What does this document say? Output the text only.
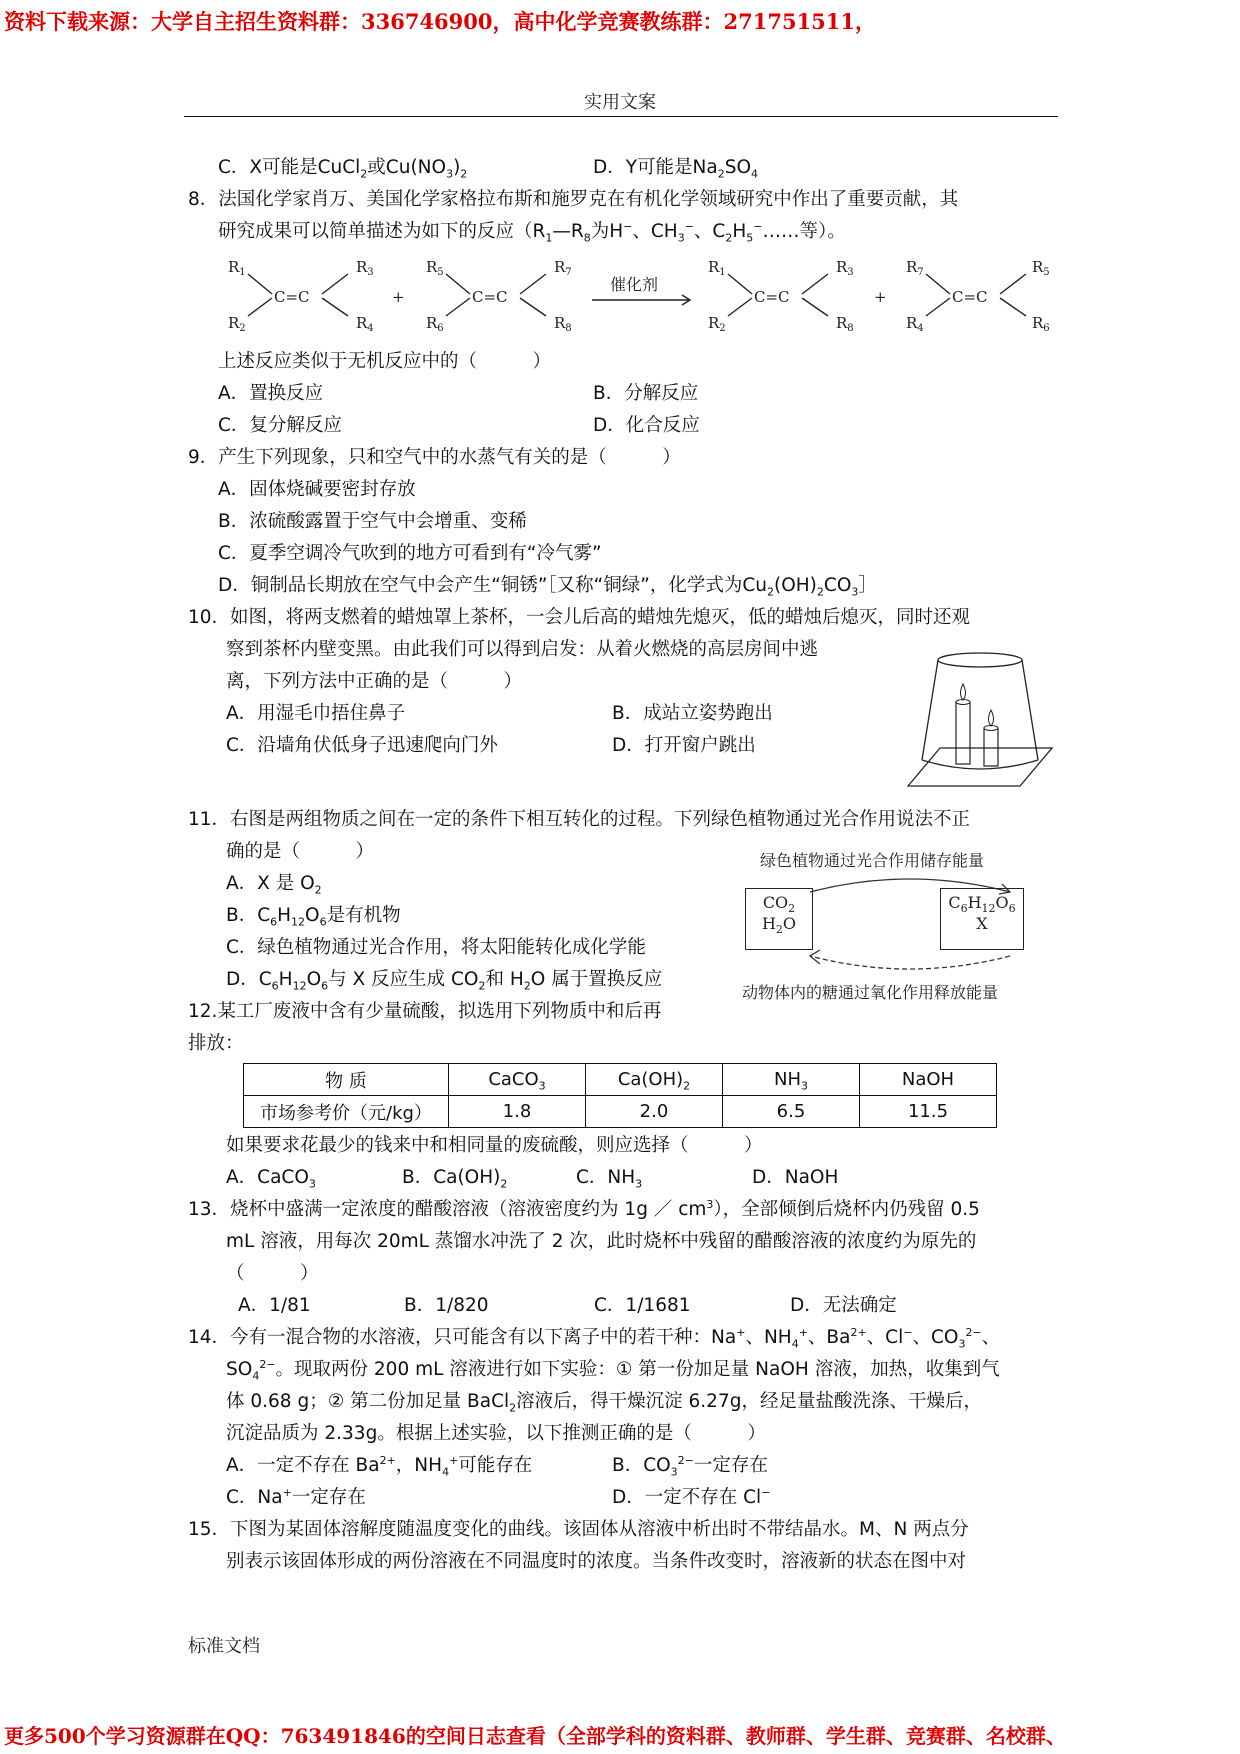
资料下载来源：大学自主招生资料群：336746900，高中化学竞赛教练群：271751511，
实用文案
C．X可能是CuCl$_2$或$Cu(NO_3)_2$	D．Y可能是$Na_2SO_4$
8．法国化学家肖万、美国化学家格拉布斯和施罗克在有机化学领域研究中作出了重要贡献，其
研究成果可以简单描述为如下的反应（$R_1—R_8$为H−、$CH_3^-$、$C_2H_5^-\dots\dots$等）。
$R_1$
$R_2$
$R_3$
$R_4$
C=C	+
$R_5$
$R_6$
$R_7$
$R_8$
C=C
催化剂
$R_1$
$R_2$
$R_3$
$R_8$
C=C	+
$R_7$
$R_4$
$R_5$
$R_6$
C=C
上述反应类似于无机反应中的（　　　）
A．置换反应	B．分解反应
C．复分解反应	D．化合反应
9．产生下列现象，只和空气中的水蒸气有关的是（　　　）
A．固体烧碱要密封存放
B．浓硫酸露置于空气中会增重、变稀
C．夏季空调冷气吹到的地方可看到有“冷气雾”
D．铜制品长期放在空气中会产生“铜锈”［又称“铜绿”，化学式为$Cu_2(OH)_2CO_3]$
10．如图，将两支燃着的蜡烛罩上茶杯，一会儿后高的蜡烛先熄灭，低的蜡烛后熄灭，同时还观
察到茶杯内壁变黑。由此我们可以得到启发：从着火燃烧的高层房间中逃
离，下列方法中正确的是（　　　）
A．用湿毛巾捂住鼻子	B．成站立姿势跑出
C．沿墙角伏低身子迅速爬向门外	D．打开窗户跳出
11．右图是两组物质之间在一定的条件下相互转化的过程。下列绿色植物通过光合作用说法不正
确的是（　　　）
A．X 是 $O_2$
B．$C_6H_{12}O_6$是有机物
C．绿色植物通过光合作用，将太阳能转化成化学能
D．$C_6H_{12}O_6$与 X 反应生成 $CO_2$和 $H_2O$ 属于置换反应
绿色植物通过光合作用储存能量
$CO_2$
$H_2O$
$C_6H_{12}O_6$
X
动物体内的糖通过氧化作用释放能量
12.某工厂废液中含有少量硫酸，拟选用下列物质中和后再
排放：
物 质	CaCO$_3$	$Ca(OH)_2$	$NH_3$	NaOH
市场参考价（元/kg）	1.8	2.0	6.5	11.5
如果要求花最少的钱来中和相同量的废硫酸，则应选择（　　　）
A．CaCO$_3$	B．$Ca(OH)_2$	C．$NH_3$	D．NaOH
13．烧杯中盛满一定浓度的醋酸溶液（溶液密度约为 1g ／ $cm^3$），全部倾倒后烧杯内仍残留 0.5
mL 溶液，用每次 20mL 蒸馏水冲洗了 2 次，此时烧杯中残留的醋酸溶液的浓度约为原先的
（　　　）
A．1/81	B．1/820	C．1/1681	D．无法确定
14．今有一混合物的水溶液，只可能含有以下离子中的若干种：Na+、$NH_4^+$、$Ba^{2+}$、Cl−、$CO_3^{2-}$、
$SO_4^{2-}$。现取两份 200 mL 溶液进行如下实验：① 第一份加足量 NaOH 溶液，加热，收集到气
体 0.68 g；② 第二份加足量 BaCl$_2$溶液后，得干燥沉淀 6.27g，经足量盐酸洗涤、干燥后，
沉淀品质为 2.33g。根据上述实验，以下推测正确的是（　　　）
A．一定不存在 $Ba^{2+}$，$NH_4^+$可能存在	B．$CO_3^{2-}$一定存在
C．Na+一定存在	D．一定不存在 Cl−
15．下图为某固体溶解度随温度变化的曲线。该固体从溶液中析出时不带结晶水。M、N 两点分
别表示该固体形成的两份溶液在不同温度时的浓度。当条件改变时，溶液新的状态在图中对
标准文档
更多500个学习资源群在QQ：763491846的空间日志查看（全部学科的资料群、教师群、学生群、竞赛群、名校群、
